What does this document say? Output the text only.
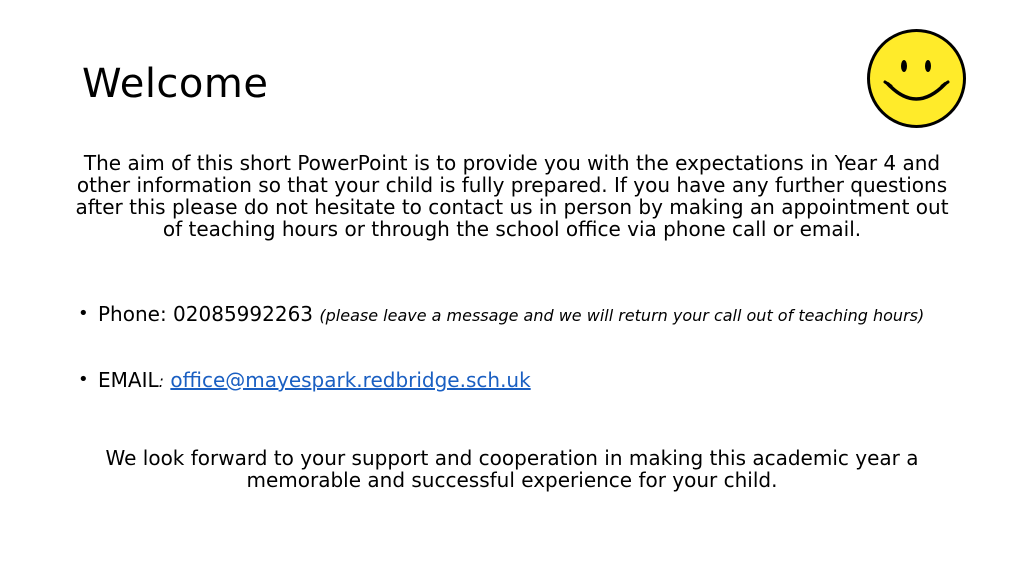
Welcome

The aim of this short PowerPoint is to provide you with the expectations in Year 4 and other information so that your child is fully prepared. If you have any further questions after this please do not hesitate to contact us in person by making an appointment out of teaching hours or through the school office via phone call or email.

• Phone: 02085992263 (please leave a message and we will return your call out of teaching hours)
• EMAIL: office@mayespark.redbridge.sch.uk

We look forward to your support and cooperation in making this academic year a memorable and successful experience for your child.
